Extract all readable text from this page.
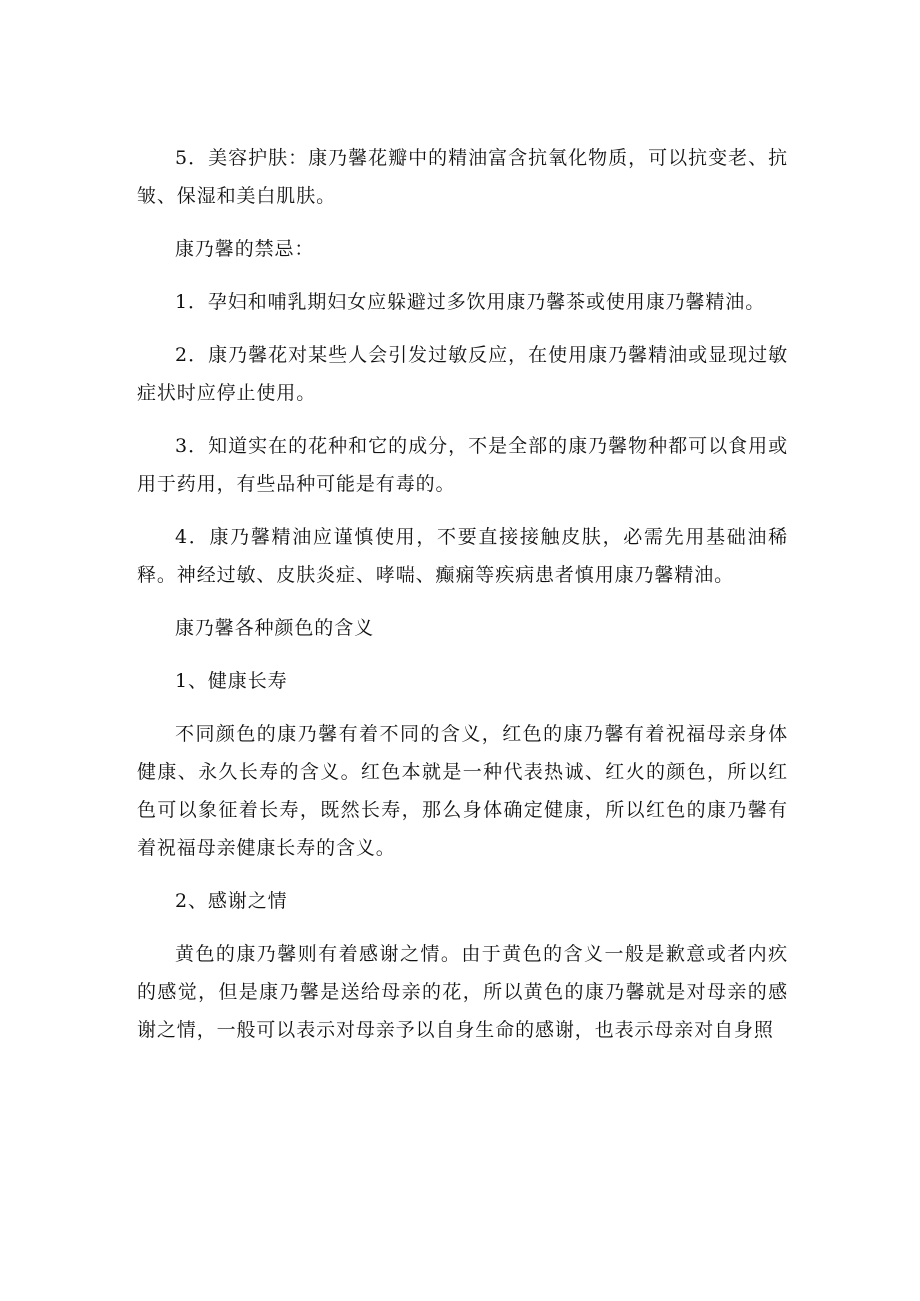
5．美容护肤：康乃馨花瓣中的精油富含抗氧化物质，可以抗变老、抗皱、保湿和美白肌肤。

康乃馨的禁忌：

1．孕妇和哺乳期妇女应躲避过多饮用康乃馨茶或使用康乃馨精油。

2．康乃馨花对某些人会引发过敏反应，在使用康乃馨精油或显现过敏症状时应停止使用。

3．知道实在的花种和它的成分，不是全部的康乃馨物种都可以食用或用于药用，有些品种可能是有毒的。

4．康乃馨精油应谨慎使用，不要直接接触皮肤，必需先用基础油稀释。神经过敏、皮肤炎症、哮喘、癫痫等疾病患者慎用康乃馨精油。

康乃馨各种颜色的含义

1、健康长寿

不同颜色的康乃馨有着不同的含义，红色的康乃馨有着祝福母亲身体健康、永久长寿的含义。红色本就是一种代表热诚、红火的颜色，所以红色可以象征着长寿，既然长寿，那么身体确定健康，所以红色的康乃馨有着祝福母亲健康长寿的含义。

2、感谢之情

黄色的康乃馨则有着感谢之情。由于黄色的含义一般是歉意或者内疚的感觉，但是康乃馨是送给母亲的花，所以黄色的康乃馨就是对母亲的感谢之情，一般可以表示对母亲予以自身生命的感谢，也表示母亲对自身照
